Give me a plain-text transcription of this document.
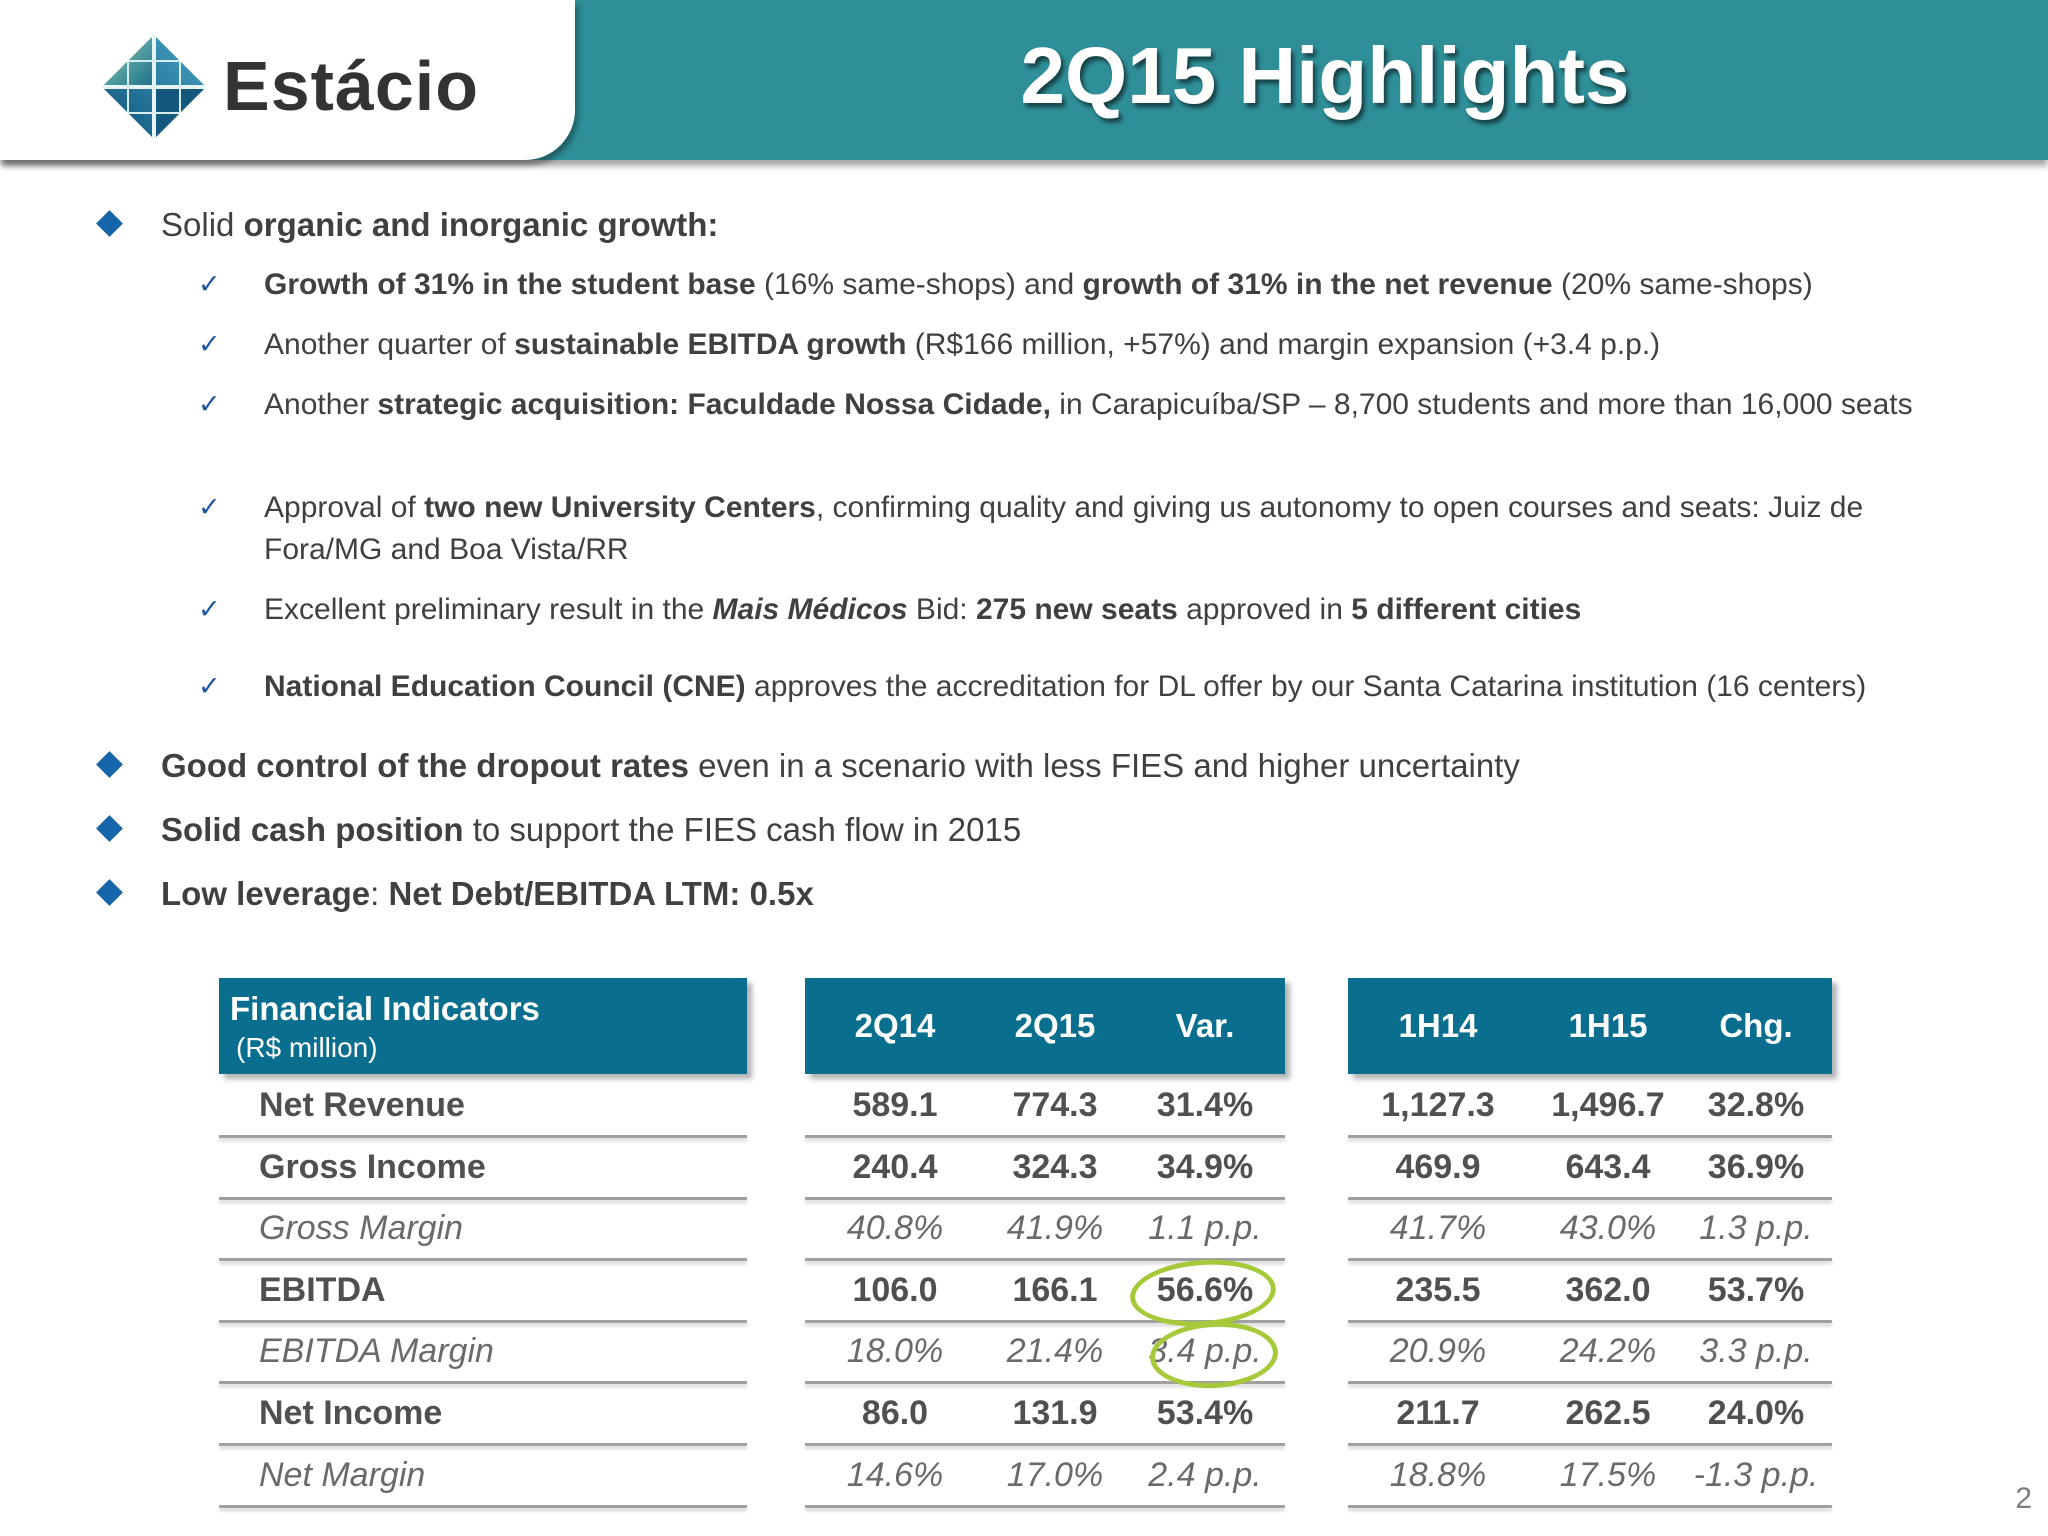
2Q15 Highlights
Estácio
Solid organic and inorganic growth:
✓ Growth of 31% in the student base (16% same-shops) and growth of 31% in the net revenue (20% same-shops)
✓ Another quarter of sustainable EBITDA growth (R$166 million, +57%) and margin expansion (+3.4 p.p.)
✓ Another strategic acquisition: Faculdade Nossa Cidade, in Carapicuíba/SP – 8,700 students and more than 16,000 seats
✓ Approval of two new University Centers, confirming quality and giving us autonomy to open courses and seats: Juiz de Fora/MG and Boa Vista/RR
✓ Excellent preliminary result in the Mais Médicos Bid: 275 new seats approved in 5 different cities
✓ National Education Council (CNE) approves the accreditation for DL offer by our Santa Catarina institution (16 centers)
Good control of the dropout rates even in a scenario with less FIES and higher uncertainty
Solid cash position to support the FIES cash flow in 2015
Low leverage: Net Debt/EBITDA LTM: 0.5x
Financial Indicators
(R$ million)
2Q14	2Q15	Var.	1H14	1H15	Chg.
Net Revenue	589.1	774.3	31.4%	1,127.3	1,496.7	32.8%
Gross Income	240.4	324.3	34.9%	469.9	643.4	36.9%
Gross Margin	40.8%	41.9%	1.1 p.p.	41.7%	43.0%	1.3 p.p.
EBITDA	106.0	166.1	56.6%	235.5	362.0	53.7%
EBITDA Margin	18.0%	21.4%	3.4 p.p.	20.9%	24.2%	3.3 p.p.
Net Income	86.0	131.9	53.4%	211.7	262.5	24.0%
Net Margin	14.6%	17.0%	2.4 p.p.	18.8%	17.5%	-1.3 p.p.
2
